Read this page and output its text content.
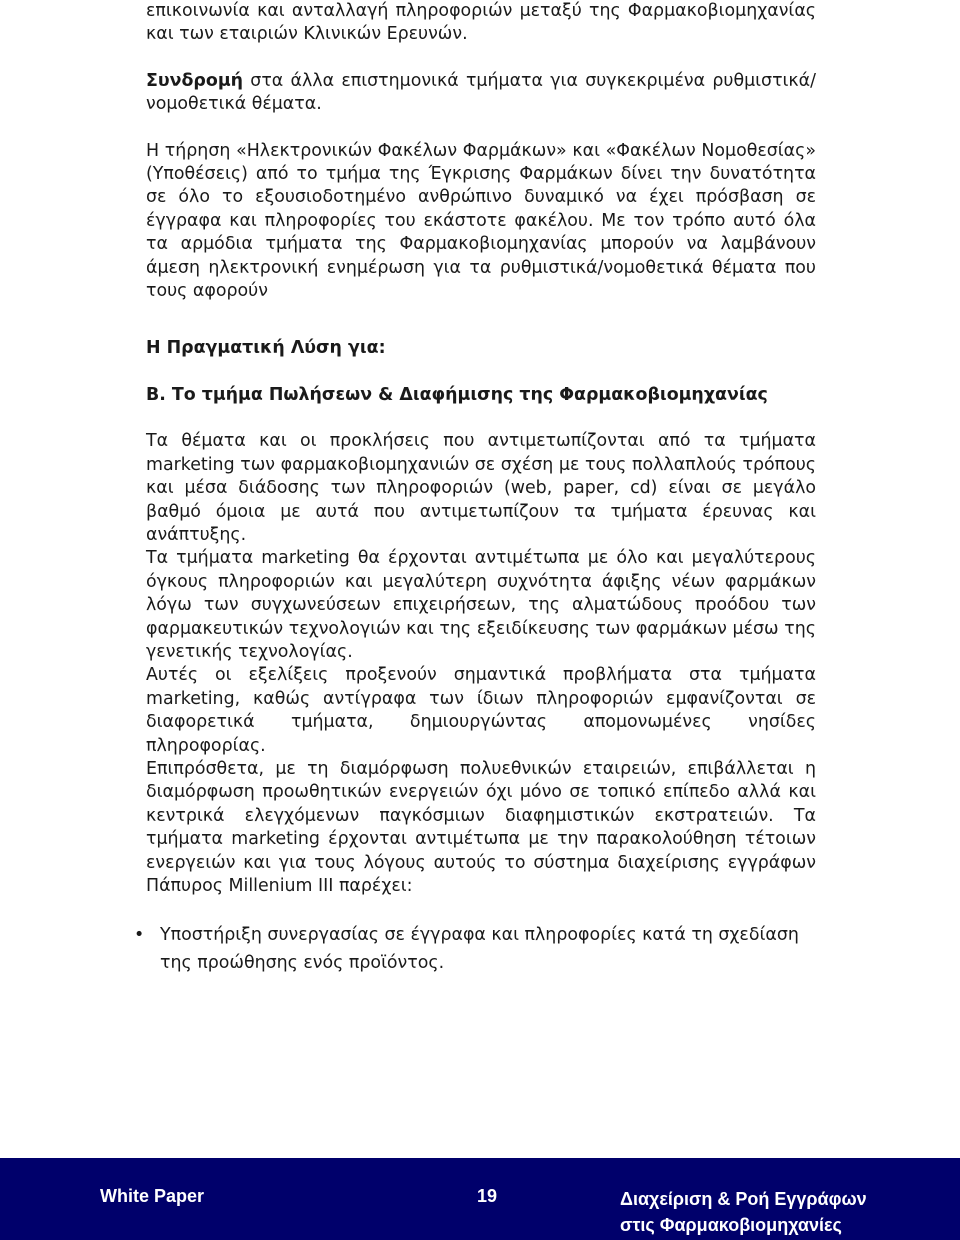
επικοινωνία και ανταλλαγή πληροφοριών μεταξύ της Φαρμακοβιομηχανίας και των εταιριών Κλινικών Ερευνών.

Συνδρομή στα άλλα επιστημονικά τμήματα για συγκεκριμένα ρυθμιστικά/νομοθετικά θέματα.

Η τήρηση «Ηλεκτρονικών Φακέλων Φαρμάκων» και «Φακέλων Νομοθεσίας» (Υποθέσεις) από το τμήμα της Έγκρισης Φαρμάκων δίνει την δυνατότητα σε όλο το εξουσιοδοτημένο ανθρώπινο δυναμικό να έχει πρόσβαση σε έγγραφα και πληροφορίες του εκάστοτε φακέλου. Με τον τρόπο αυτό όλα τα αρμόδια τμήματα της Φαρμακοβιομηχανίας μπορούν να λαμβάνουν άμεση ηλεκτρονική ενημέρωση για τα ρυθμιστικά/νομοθετικά θέματα που τους αφορούν

Η Πραγματική Λύση για:
B. Το τμήμα Πωλήσεων & Διαφήμισης της Φαρμακοβιομηχανίας

Τα θέματα και οι προκλήσεις που αντιμετωπίζονται από τα τμήματα marketing των φαρμακοβιομηχανιών σε σχέση με τους πολλαπλούς τρόπους και μέσα διάδοσης των πληροφοριών (web, paper, cd) είναι σε μεγάλο βαθμό όμοια με αυτά που αντιμετωπίζουν τα τμήματα έρευνας και ανάπτυξης.

Τα τμήματα marketing θα έρχονται αντιμέτωπα με όλο και μεγαλύτερους όγκους πληροφοριών και μεγαλύτερη συχνότητα άφιξης νέων φαρμάκων λόγω των συγχωνεύσεων επιχειρήσεων, της αλματώδους προόδου των φαρμακευτικών τεχνολογιών και της εξειδίκευσης των φαρμάκων μέσω της γενετικής τεχνολογίας.

Αυτές οι εξελίξεις προξενούν σημαντικά προβλήματα στα τμήματα marketing, καθώς αντίγραφα των ίδιων πληροφοριών εμφανίζονται σε διαφορετικά τμήματα, δημιουργώντας απομονωμένες νησίδες πληροφορίας.

Επιπρόσθετα, με τη διαμόρφωση πολυεθνικών εταιρειών, επιβάλλεται η διαμόρφωση προωθητικών ενεργειών όχι μόνο σε τοπικό επίπεδο αλλά και κεντρικά ελεγχόμενων παγκόσμιων διαφημιστικών εκστρατειών. Τα τμήματα marketing έρχονται αντιμέτωπα με την παρακολούθηση τέτοιων ενεργειών και για τους λόγους αυτούς το σύστημα διαχείρισης εγγράφων Πάπυρος Millenium III παρέχει:

• Υποστήριξη συνεργασίας σε έγγραφα και πληροφορίες κατά τη σχεδίαση της προώθησης ενός προϊόντος.
White Paper	19	Διαχείριση & Ροή Εγγράφων
στις Φαρμακοβιομηχανίες
